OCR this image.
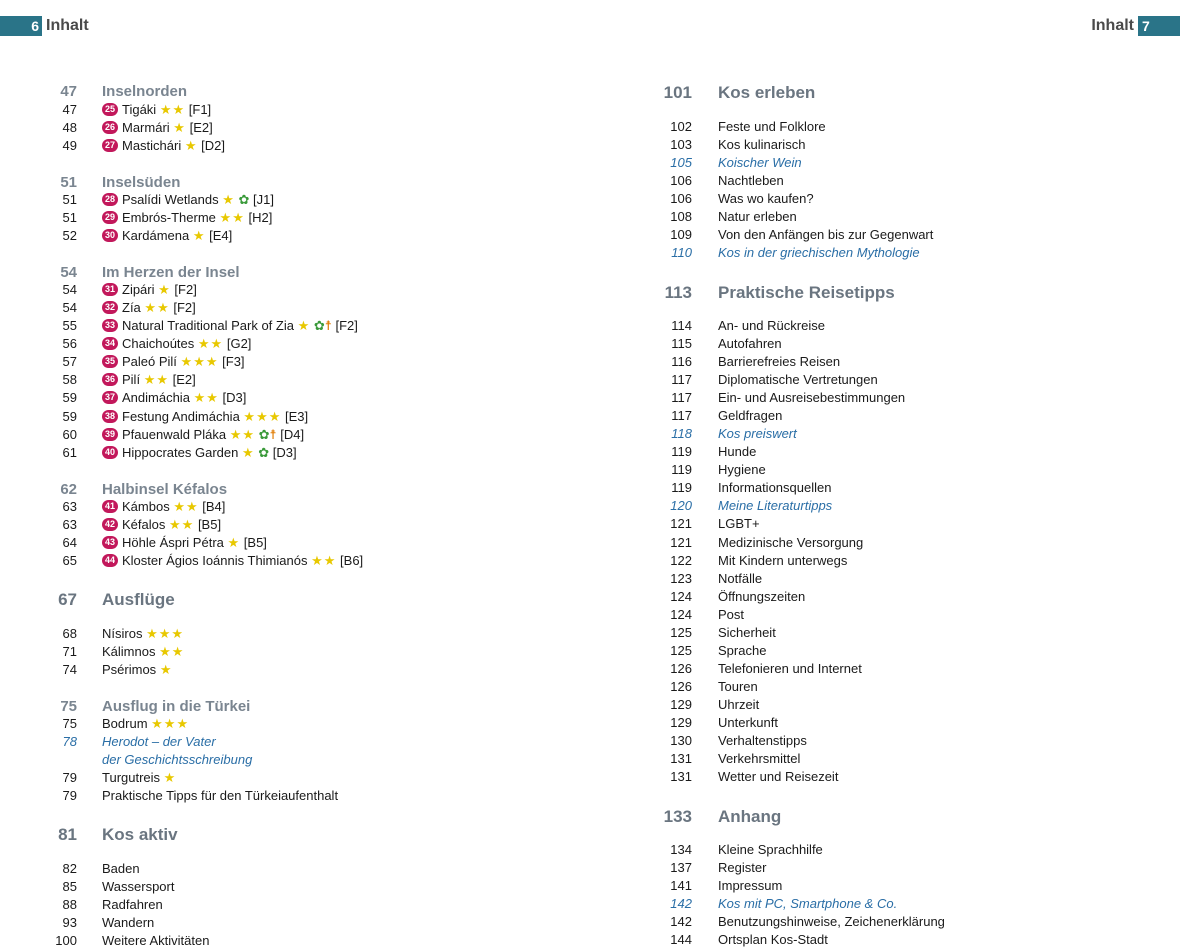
6 Inhalt	Inhalt 7
47 Inselnorden
47	25 Tigáki ★★ [F1]
48	26 Marmári ★ [E2]
49	27 Mastichári ★ [D2]
51 Inselsüden
51	28 Psalídi Wetlands ★ ✿ [J1]
51	29 Embrós-Therme ★★ [H2]
52	30 Kardámena ★ [E4]
54 Im Herzen der Insel
54	31 Zipári ★ [F2]
54	32 Zía ★★ [F2]
55	33 Natural Traditional Park of Zia ★ ✿☨ [F2]
56	34 Chaichoútes ★★ [G2]
57	35 Paleó Pilí ★★★ [F3]
58	36 Pilí ★★ [E2]
59	37 Andimáchia ★★ [D3]
59	38 Festung Andimáchia ★★★ [E3]
60	39 Pfauenwald Pláka ★★ ✿☨ [D4]
61	40 Hippocrates Garden ★ ✿ [D3]
62 Halbinsel Kéfalos
63	41 Kámbos ★★ [B4]
63	42 Kéfalos ★★ [B5]
64	43 Höhle Áspri Pétra ★ [B5]
65	44 Kloster Ágios Ioánnis Thimianós ★★ [B6]
67 Ausflüge
68 Nísiros ★★★
71 Kálimnos ★★
74 Psérimos ★
75 Ausflug in die Türkei
75 Bodrum ★★★
78 Herodot – der Vater
der Geschichtsschreibung
79 Turgutreis ★
79 Praktische Tipps für den Türkeiaufenthalt
81 Kos aktiv
82 Baden
85 Wassersport
88 Radfahren
93 Wandern
100 Weitere Aktivitäten
101 Kos erleben
102 Feste und Folklore
103 Kos kulinarisch
105 Koischer Wein
106 Nachtleben
106 Was wo kaufen?
108 Natur erleben
109 Von den Anfängen bis zur Gegenwart
110 Kos in der griechischen Mythologie
113 Praktische Reisetipps
114 An- und Rückreise
115 Autofahren
116 Barrierefreies Reisen
117 Diplomatische Vertretungen
117 Ein- und Ausreisebestimmungen
117 Geldfragen
118 Kos preiswert
119 Hunde
119 Hygiene
119 Informationsquellen
120 Meine Literaturtipps
121 LGBT+
121 Medizinische Versorgung
122 Mit Kindern unterwegs
123 Notfälle
124 Öffnungszeiten
124 Post
125 Sicherheit
125 Sprache
126 Telefonieren und Internet
126 Touren
129 Uhrzeit
129 Unterkunft
130 Verhaltenstipps
131 Verkehrsmittel
131 Wetter und Reisezeit
133 Anhang
134 Kleine Sprachhilfe
137 Register
141 Impressum
142 Kos mit PC, Smartphone & Co.
142 Benutzungshinweise, Zeichenerklärung
144 Ortsplan Kos-Stadt
